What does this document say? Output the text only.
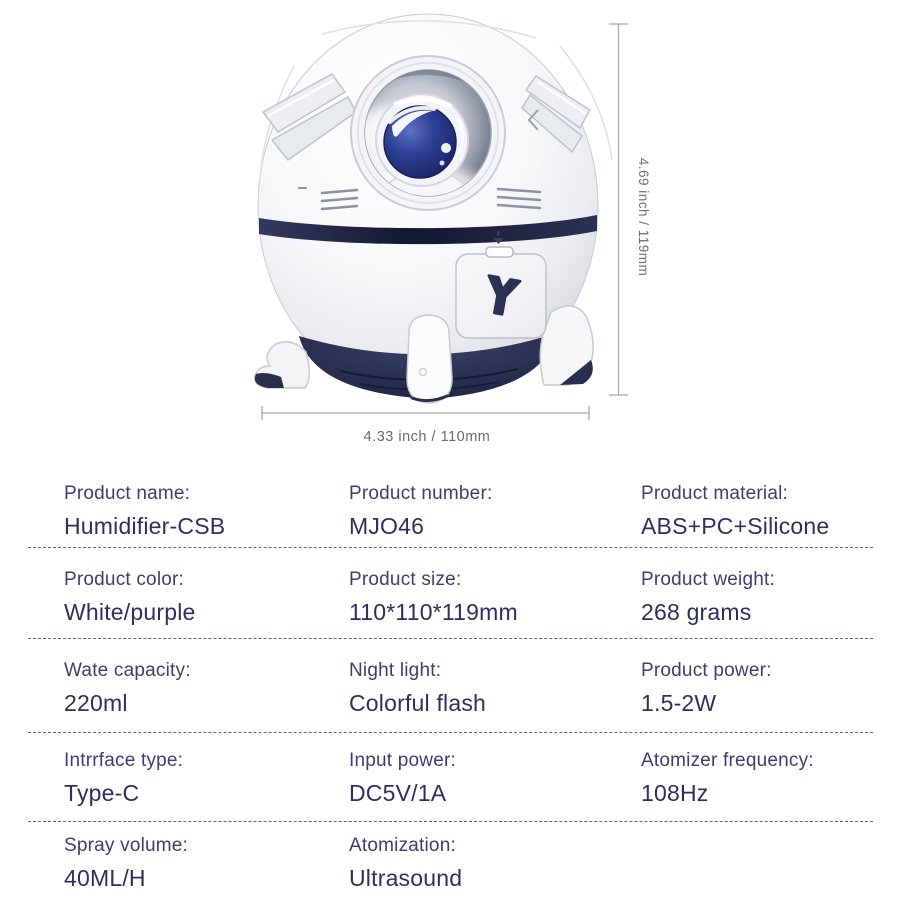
4.69 inch / 119mm
4.33 inch / 110mm
Product name:
Humidifier-CSB
Product number:
MJO46
Product material:
ABS+PC+Silicone
Product color:
White/purple
Product size:
110*110*119mm
Product weight:
268 grams
Wate capacity:
220ml
Night light:
Colorful flash
Product power:
1.5-2W
Intrrface type:
Type-C
Input power:
DC5V/1A
Atomizer frequency:
108Hz
Spray volume:
40ML/H
Atomization:
Ultrasound
